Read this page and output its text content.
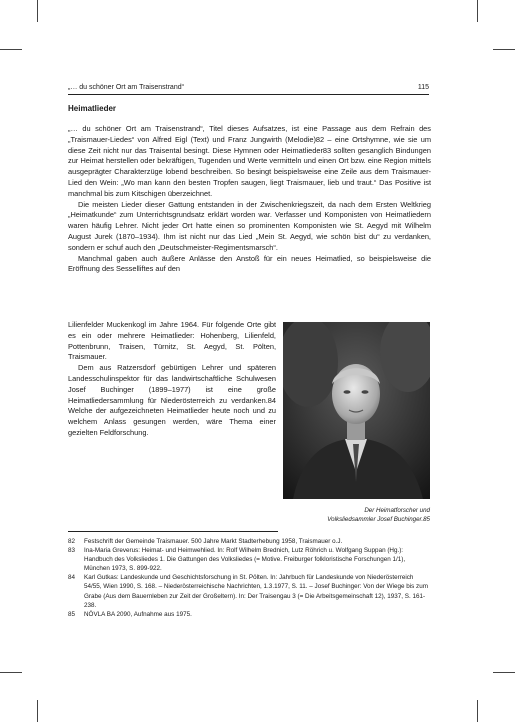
„… du schöner Ort am Traisenstrand“	115
Heimatlieder

„… du schöner Ort am Traisenstrand“, Titel dieses Aufsatzes, ist eine Passage aus dem Refrain des „Traismauer-Liedes“ von Alfred Eigl (Text) und Franz Jungwirth (Melodie)82 – eine Ortshymne, wie sie um diese Zeit nicht nur das Traisental besingt. Diese Hymnen oder Heimatlieder83 sollten gesanglich Bindungen zur Heimat herstellen oder bekräftigen, Tugenden und Werte vermitteln und einen Ort bzw. eine Region mittels ausgeprägter Charakterzüge lobend beschreiben. So besingt beispielsweise eine Zeile aus dem Traismauer-Lied den Wein: „Wo man kann den besten Tropfen saugen, liegt Traismauer, lieb und traut.“ Das Positive ist manchmal bis zum Kitschigen überzeichnet.

Die meisten Lieder dieser Gattung entstanden in der Zwischenkriegszeit, da nach dem Ersten Weltkrieg „Heimatkunde“ zum Unterrichtsgrundsatz erklärt worden war. Verfasser und Komponisten von Heimatliedern waren häufig Lehrer. Nicht jeder Ort hatte einen so prominenten Komponisten wie St. Aegyd mit Wilhelm August Jurek (1870–1934). Ihm ist nicht nur das Lied „Mein St. Aegyd, wie schön bist du“ zu verdanken, sondern er schuf auch den „Deutschmeister-Regimentsmarsch“.

Manchmal gaben auch äußere Anlässe den Anstoß für ein neues Heimatlied, so beispielsweise die Eröffnung des Sesselliftes auf den

Lilienfelder Muckenkogl im Jahre 1964. Für folgende Orte gibt es ein oder mehrere Heimatlieder: Hohenberg, Lilienfeld, Pottenbrunn, Traisen, Türnitz, St. Aegyd, St. Pölten, Traismauer.

Dem aus Ratzersdorf gebürtigen Lehrer und späteren Landesschulinspektor für das landwirtschaftliche Schulwesen Josef Buchinger (1899–1977) ist eine große Heimatliedersammlung für Niederösterreich zu verdanken.84 Welche der aufgezeichneten Heimatlieder heute noch und zu welchem Anlass gesungen werden, wäre Thema einer gezielten Feldforschung.

Der Heimatforscher und
Volksliedsammler Josef Buchinger.85
82 Festschrift der Gemeinde Traismauer. 500 Jahre Markt Stadterhebung 1958, Traismauer o.J.
83 Ina-Maria Greverus: Heimat- und Heimwehlied. In: Rolf Wilhelm Brednich, Lutz Röhrich u. Wolfgang Suppan (Hg.): Handbuch des Volksliedes 1. Die Gattungen des Volksliedes (= Motive. Freiburger folkloristische Forschungen 1/1), München 1973, S. 899-922.
84 Karl Gutkas: Landeskunde und Geschichtsforschung in St. Pölten. In: Jahrbuch für Landeskunde von Niederösterreich 54/55, Wien 1990, S. 168. – Niederösterreichische Nachrichten, 1.3.1977, S. 11. – Josef Buchinger: Von der Wiege bis zum Grabe (Aus dem Bauernleben zur Zeit der Großeltern). In: Der Traisengau 3 (= Die Arbeitsgemeinschaft 12), 1937, S. 161-238.
85 NÖVLA BA 2090, Aufnahme aus 1975.
